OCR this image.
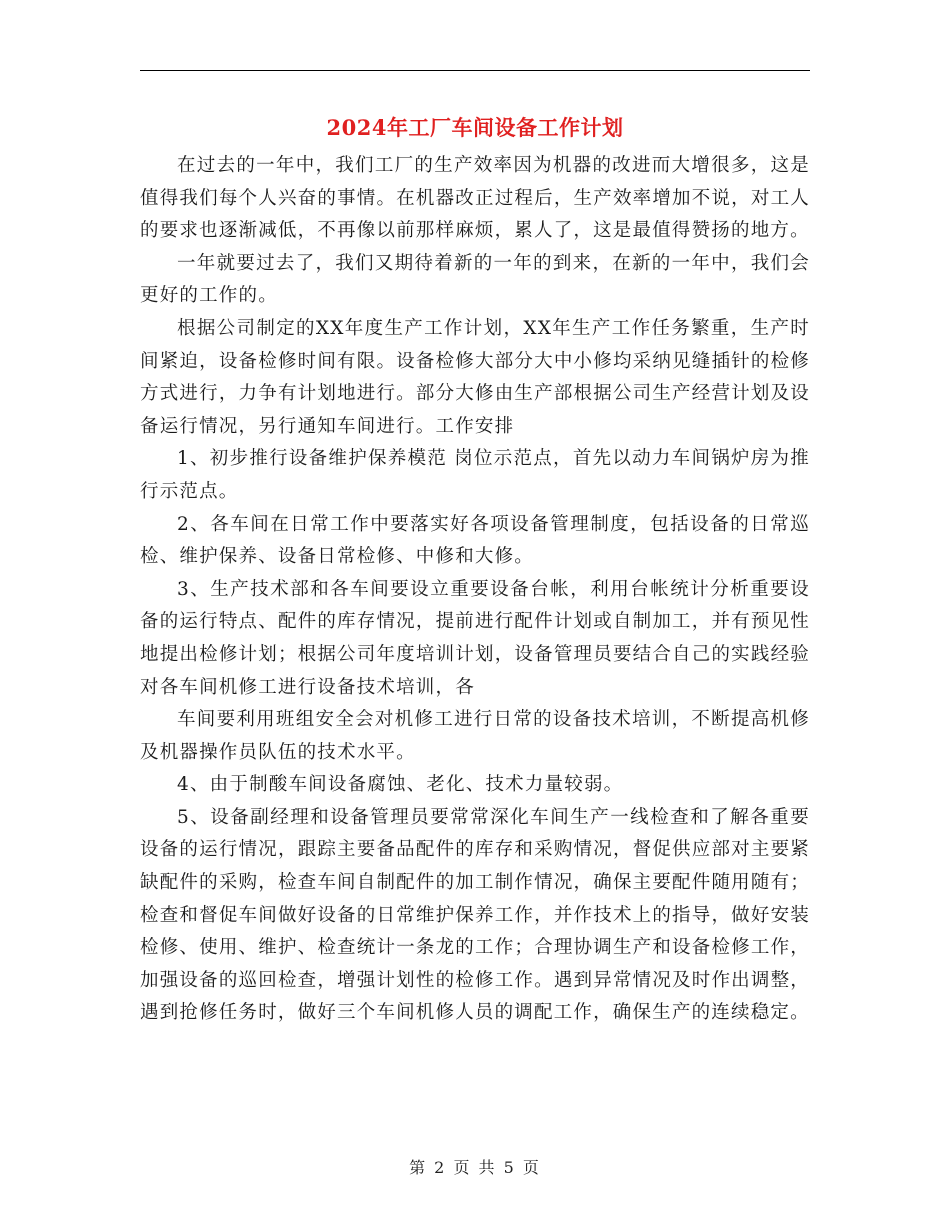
2024年工厂车间设备工作计划

在过去的一年中，我们工厂的生产效率因为机器的改进而大增很多，这是值得我们每个人兴奋的事情。在机器改正过程后，生产效率增加不说，对工人的要求也逐渐减低，不再像以前那样麻烦，累人了，这是最值得赞扬的地方。

一年就要过去了，我们又期待着新的一年的到来，在新的一年中，我们会更好的工作的。

根据公司制定的XX年度生产工作计划，XX年生产工作任务繁重，生产时间紧迫，设备检修时间有限。设备检修大部分大中小修均采纳见缝插针的检修方式进行，力争有计划地进行。部分大修由生产部根据公司生产经营计划及设备运行情况，另行通知车间进行。工作安排

1、初步推行设备维护保养模范 岗位示范点，首先以动力车间锅炉房为推行示范点。

2、各车间在日常工作中要落实好各项设备管理制度，包括设备的日常巡检、维护保养、设备日常检修、中修和大修。

3、生产技术部和各车间要设立重要设备台帐，利用台帐统计分析重要设备的运行特点、配件的库存情况，提前进行配件计划或自制加工，并有预见性地提出检修计划；根据公司年度培训计划，设备管理员要结合自己的实践经验对各车间机修工进行设备技术培训，各

车间要利用班组安全会对机修工进行日常的设备技术培训，不断提高机修及机器操作员队伍的技术水平。

4、由于制酸车间设备腐蚀、老化、技术力量较弱。

5、设备副经理和设备管理员要常常深化车间生产一线检查和了解各重要设备的运行情况，跟踪主要备品配件的库存和采购情况，督促供应部对主要紧缺配件的采购，检查车间自制配件的加工制作情况，确保主要配件随用随有；检查和督促车间做好设备的日常维护保养工作，并作技术上的指导，做好安装检修、使用、维护、检查统计一条龙的工作；合理协调生产和设备检修工作，加强设备的巡回检查，增强计划性的检修工作。遇到异常情况及时作出调整，遇到抢修任务时，做好三个车间机修人员的调配工作，确保生产的连续稳定。

第 2 页 共 5 页
